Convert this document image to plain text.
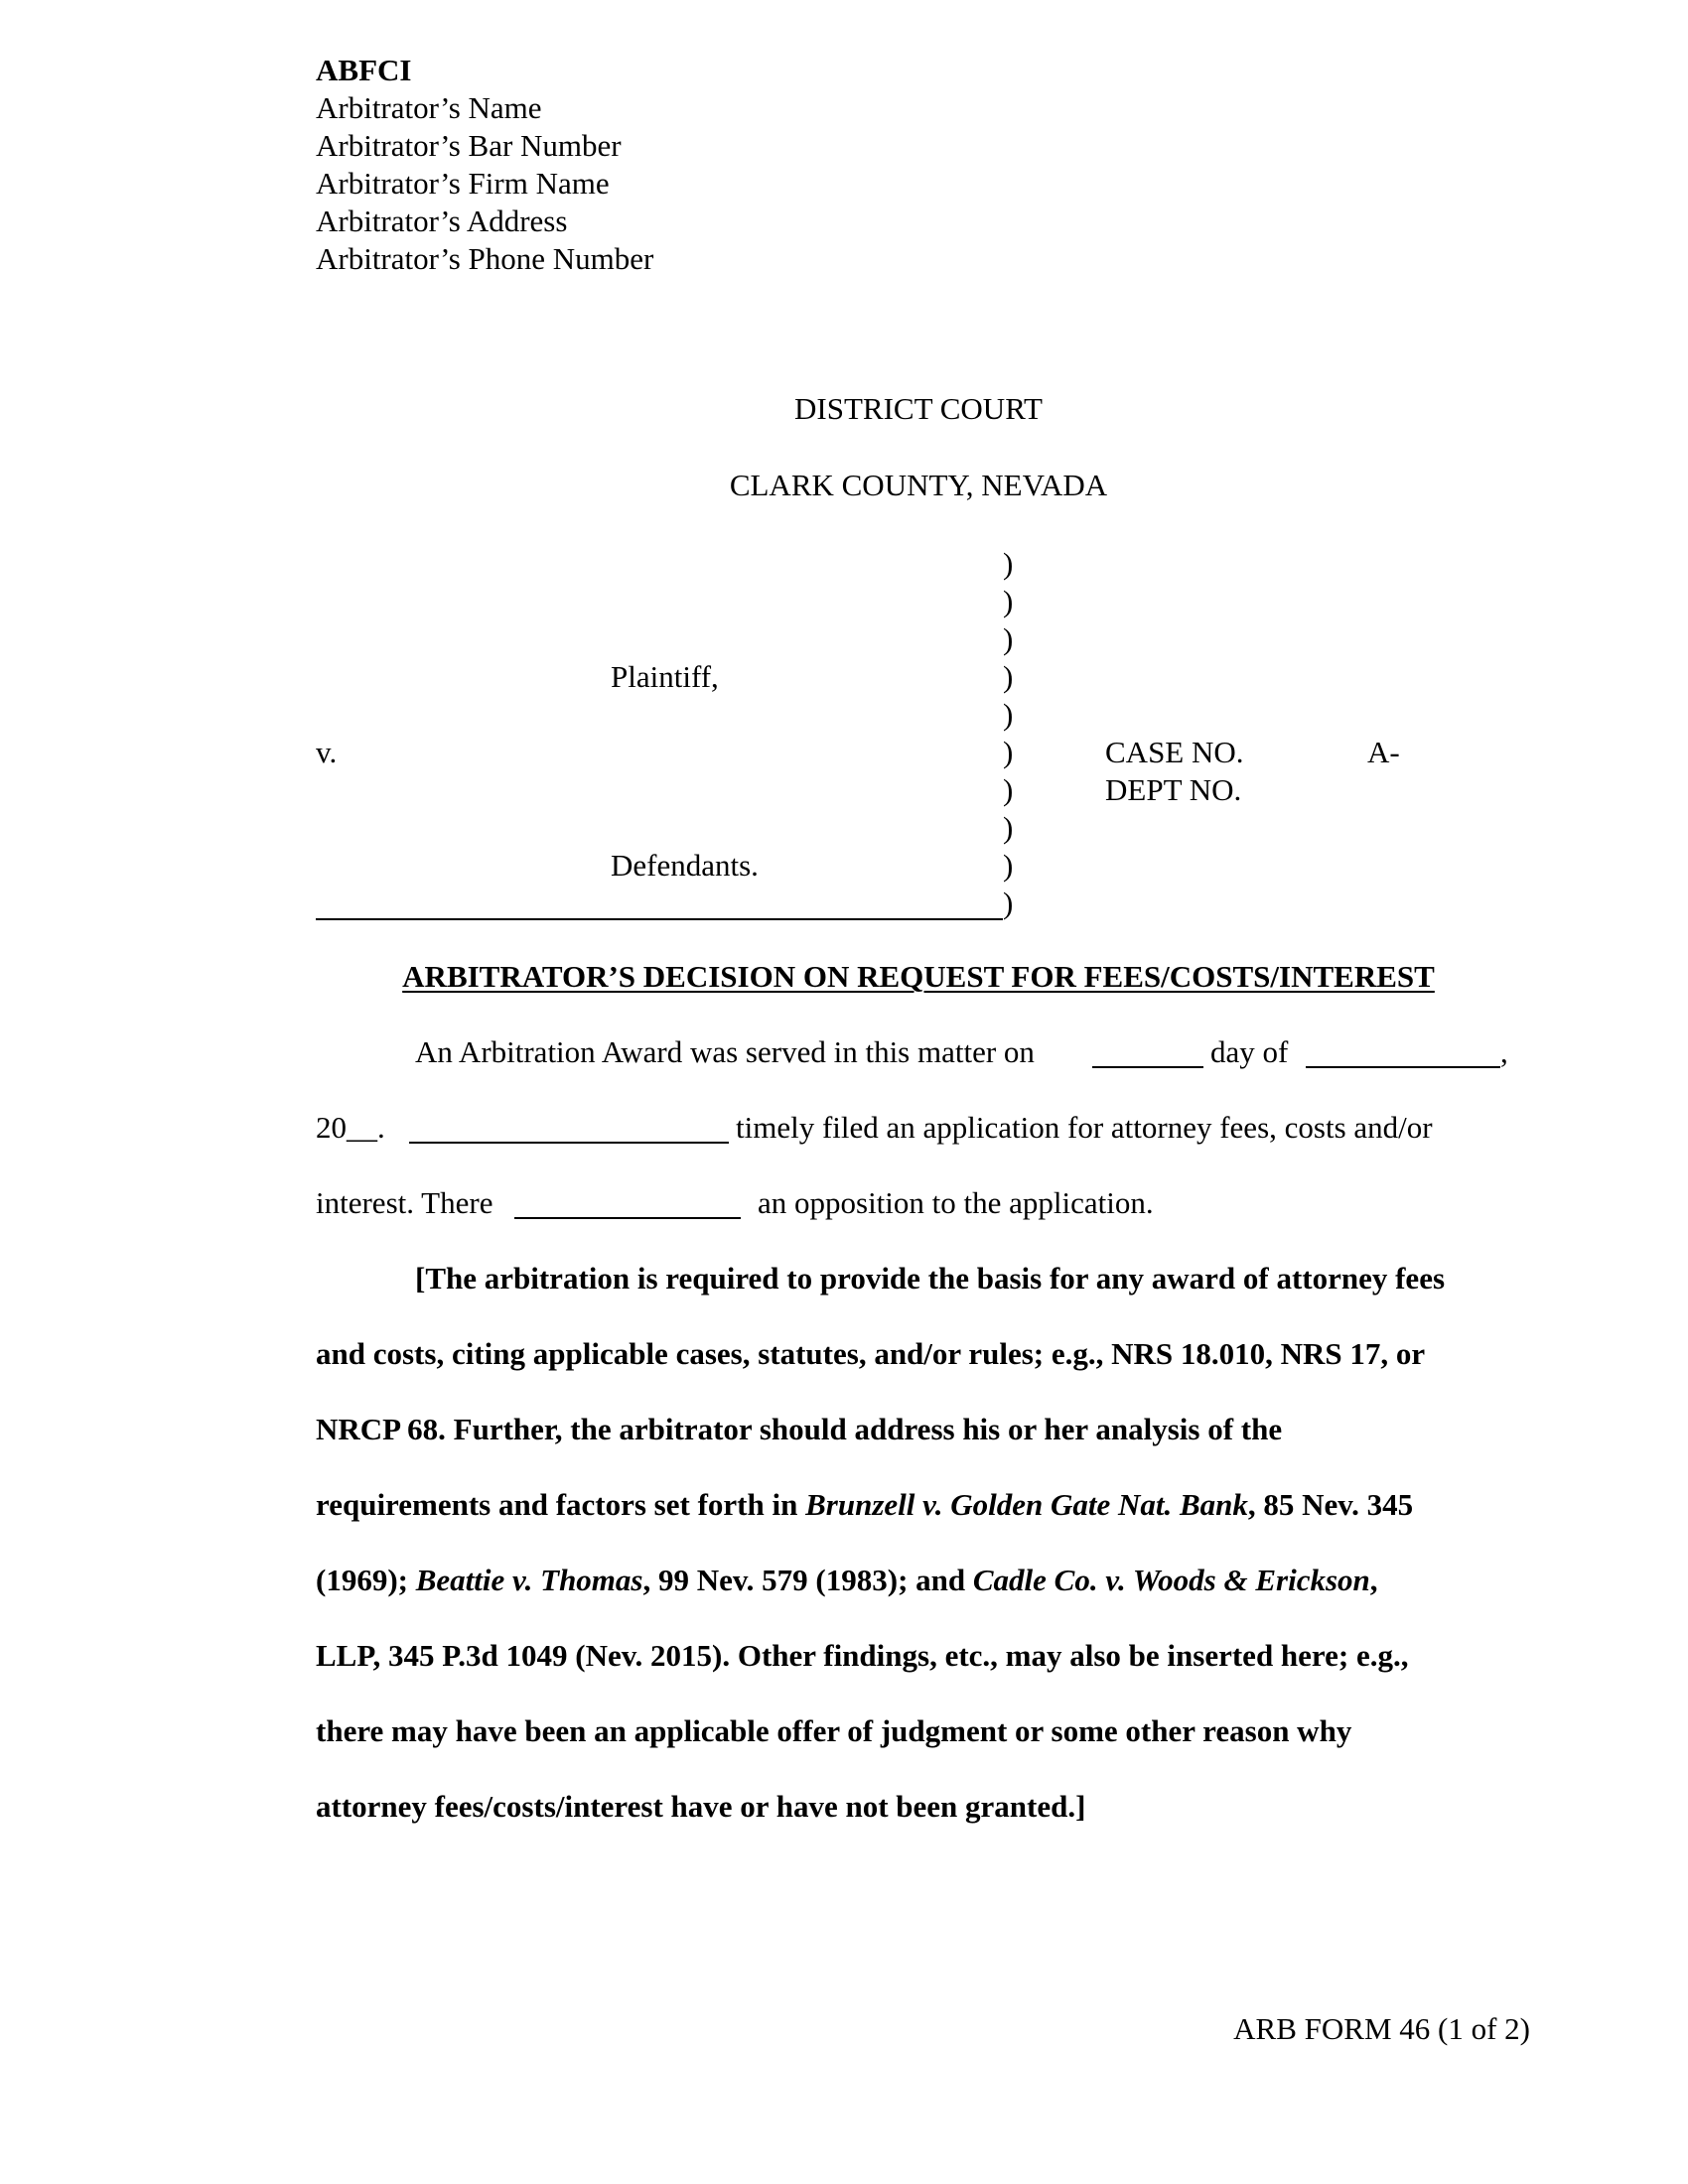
ABFCI
Arbitrator’s Name
Arbitrator’s Bar Number
Arbitrator’s Firm Name
Arbitrator’s Address
Arbitrator’s Phone Number
DISTRICT COURT
CLARK COUNTY, NEVADA
)
)
)
)
)
)
)
)
)
)
Plaintiff,
v.
Defendants.
CASE NO.	A-
DEPT NO.
ARBITRATOR’S DECISION ON REQUEST FOR FEES/COSTS/INTEREST
An Arbitration Award was served in this matter on	day of	,
20__.	timely filed an application for attorney fees, costs and/or
interest. There	an opposition to the application.
[The arbitration is required to provide the basis for any award of attorney fees
and costs, citing applicable cases, statutes, and/or rules; e.g., NRS 18.010, NRS 17, or
NRCP 68. Further, the arbitrator should address his or her analysis of the
requirements and factors set forth in Brunzell v. Golden Gate Nat. Bank, 85 Nev. 345
(1969); Beattie v. Thomas, 99 Nev. 579 (1983); and Cadle Co. v. Woods & Erickson,
LLP, 345 P.3d 1049 (Nev. 2015). Other findings, etc., may also be inserted here; e.g.,
there may have been an applicable offer of judgment or some other reason why
attorney fees/costs/interest have or have not been granted.]
ARB FORM 46 (1 of 2)
